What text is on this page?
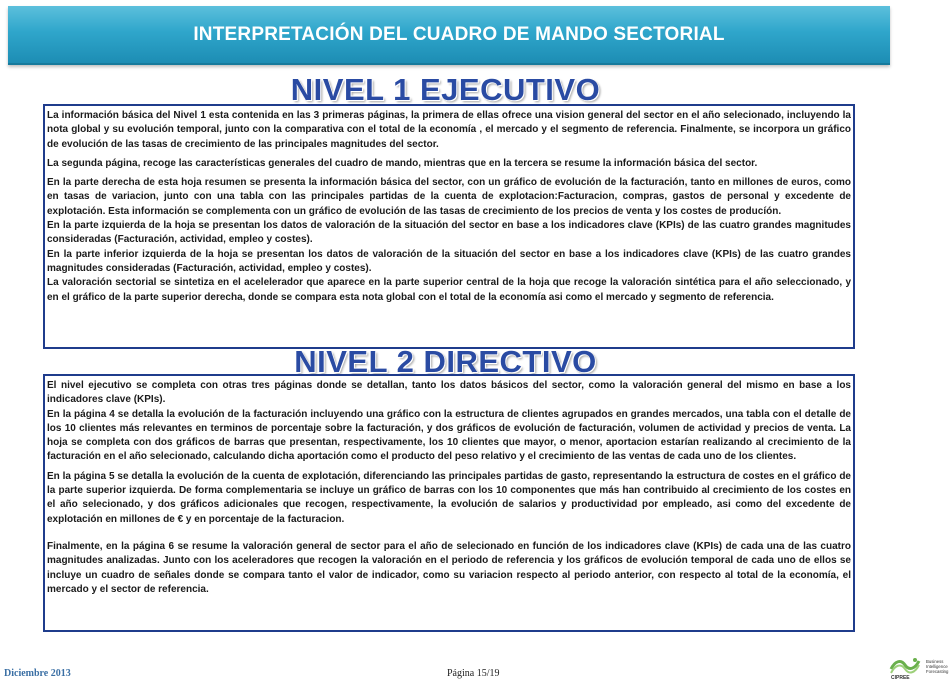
INTERPRETACIÓN DEL CUADRO DE MANDO SECTORIAL
NIVEL 1 EJECUTIVO

La información básica del Nivel 1 esta contenida en las 3 primeras páginas, la primera de ellas ofrece una vision general del sector en el año selecionado, incluyendo la nota global y su evolución temporal, junto con la comparativa con el total de la economía , el mercado y el segmento de referencia. Finalmente, se incorpora un gráfico de evolución de las tasas de crecimiento de las principales magnitudes del sector.

La segunda página, recoge las características generales del cuadro de mando, mientras que en la tercera se resume la información básica del sector.

En la parte derecha de esta hoja resumen se presenta la información básica del sector, con un gráfico de evolución de la facturación, tanto en millones de euros, como en tasas de variacion, junto con una tabla con las principales partidas de la cuenta de explotacion:Facturacion, compras, gastos de personal y excedente de explotación. Esta información se complementa con un gráfico de evolución de las tasas de crecimiento de los precios de venta y los costes de producíón.

En la parte izquierda de la hoja se presentan los datos de valoración de la situación del sector en base a los indicadores clave (KPIs) de las cuatro grandes magnitudes consideradas (Facturación, actividad, empleo y costes).

En la parte inferior izquierda de la hoja se presentan los datos de valoración de la situación del sector en base a los indicadores clave (KPIs) de las cuatro grandes magnitudes consideradas (Facturación, actividad, empleo y costes).

La valoración sectorial se sintetiza en el acelelerador que aparece en la parte superior central de la hoja que recoge la valoración sintética para el año seleccionado, y en el gráfico de la parte superior derecha, donde se compara esta nota global con el total de la economía asi como el mercado y segmento de referencia.

NIVEL 2 DIRECTIVO

El nivel ejecutivo se completa con otras tres páginas donde se detallan, tanto los datos básicos del sector, como la valoración general del mismo en base a los indicadores clave (KPIs).

En la página 4 se detalla la evolución de la facturación incluyendo una gráfico con la estructura de clientes agrupados en grandes mercados, una tabla con el detalle de los 10 clientes más relevantes en terminos de porcentaje sobre la facturación, y dos gráficos de evolución de facturación, volumen de actividad y precios de venta. La hoja se completa con dos gráficos de barras que presentan, respectivamente, los 10 clientes que mayor, o menor, aportacion estarían realizando al crecimiento de la facturación en el año selecionado, calculando dicha aportación como el producto del peso relativo y el crecimiento de las ventas de cada uno de los clientes.

En la página 5 se detalla la evolución de la cuenta de explotación, diferenciando las principales partidas de gasto, representando la estructura de costes en el gráfico de la parte superior izquierda. De forma complementaria se incluye un gráfico de barras con los 10 componentes que más han contribuido al crecimiento de los costes en el año selecionado, y dos gráficos adicionales que recogen, respectivamente, la evolución de salarios y productividad por empleado, asi como del excedente de explotación en millones de € y en porcentaje de la facturacion.

Finalmente, en la página 6 se resume la valoración general de sector para el año de selecionado en función de los indicadores clave (KPIs) de cada una de las cuatro magnitudes analizadas. Junto con los aceleradores que recogen la valoración en el periodo de referencia y los gráficos de evolución temporal de cada uno de ellos se incluye un cuadro de señales donde se compara tanto el valor de indicador, como su variacion respecto al periodo anterior, con respecto al total de la economía, el mercado y el sector de referencia.

Diciembre 2013	Página 15/19	CIPREE
Business Intelligence Forecasting
